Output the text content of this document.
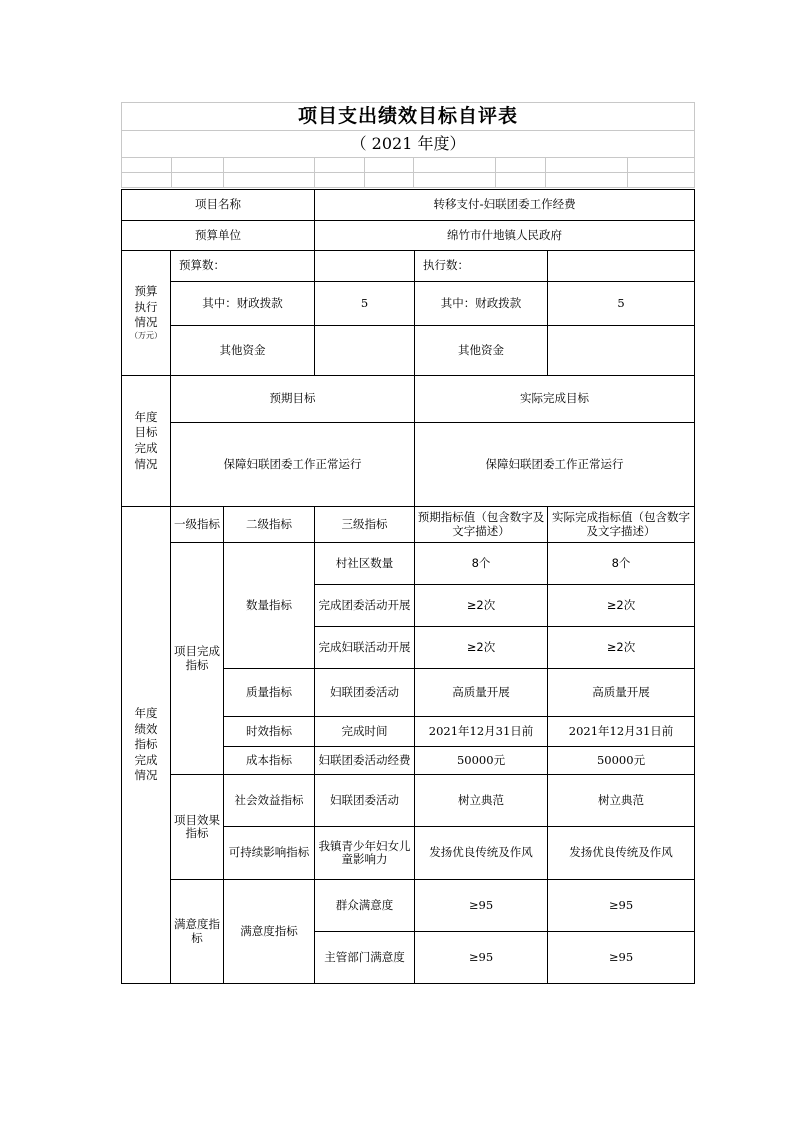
项目支出绩效目标自评表								
（ 2021 年度）								

项目名称			转移支付-妇联团委工作经费		
预算单位			绵竹市什地镇人民政府		

预算
执行
情况
（万元）	预算数：			执行数：	
	其中：财政拨款		5	其中：财政拨款	5
	其他资金			其他资金	

年度
目标
完成
情况	预期目标			实际完成目标	
	保障妇联团委工作正常运行			保障妇联团委工作正常运行	

年度
绩效
指标
完成
情况	一级指标	二级指标	三级指标	预期指标值（包含数字及文字描述）	实际完成指标值（包含数字及文字描述）
	项目完成指标	数量指标	村社区数量	8个	8个
			完成团委活动开展	≥2次	≥2次
			完成妇联活动开展	≥2次	≥2次
		质量指标	妇联团委活动	高质量开展	高质量开展
		时效指标	完成时间	2021年12月31日前	2021年12月31日前
		成本指标	妇联团委活动经费	50000元	50000元
	项目效果指标	社会效益指标	妇联团委活动	树立典范	树立典范
		可持续影响指标	我镇青少年妇女儿童影响力	发扬优良传统及作风	发扬优良传统及作风
	满意度指标	满意度指标	群众满意度	≥95	≥95
			主管部门满意度	≥95	≥95
